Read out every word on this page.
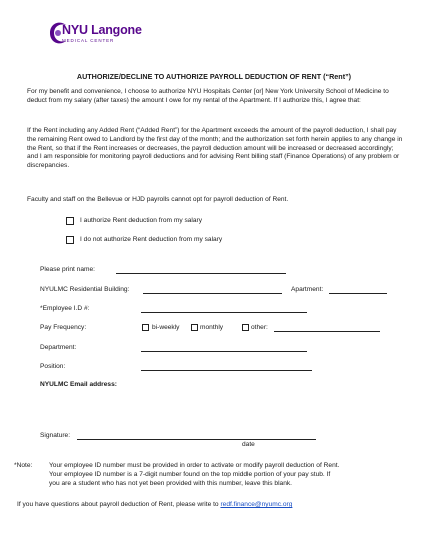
NYU Langone
MEDICAL CENTER
AUTHORIZE/DECLINE TO AUTHORIZE PAYROLL DEDUCTION OF RENT (“Rent”)
For my benefit and convenience, I choose to authorize NYU Hospitals Center [or] New York University School of Medicine to deduct from my salary (after taxes) the amount I owe for my rental of the Apartment. If I authorize this, I agree that:
If the Rent including any Added Rent (“Added Rent”) for the Apartment exceeds the amount of the payroll deduction, I shall pay the remaining Rent owed to Landlord by the first day of the month; and the authorization set forth herein applies to any change in the Rent, so that if the Rent increases or decreases, the payroll deduction amount will be increased or decreased accordingly; and I am responsible for monitoring payroll deductions and for advising Rent billing staff (Finance Operations) of any problem or discrepancies.
Faculty and staff on the Bellevue or HJD payrolls cannot opt for payroll deduction of Rent.
I authorize Rent deduction from my salary
I do not authorize Rent deduction from my salary
Please print name:
NYULMC Residential Building:	Apartment:
*Employee I.D #:
Pay Frequency:	bi-weekly	monthly	other:
Department:
Position:
NYULMC Email address:
Signature:
date
*Note:	Your employee ID number must be provided in order to activate or modify payroll deduction of Rent.
Your employee ID number is a 7-digit number found on the top middle portion of your pay stub. If
you are a student who has not yet been provided with this number, leave this blank.
If you have questions about payroll deduction of Rent, please write to redf.finance@nyumc.org
